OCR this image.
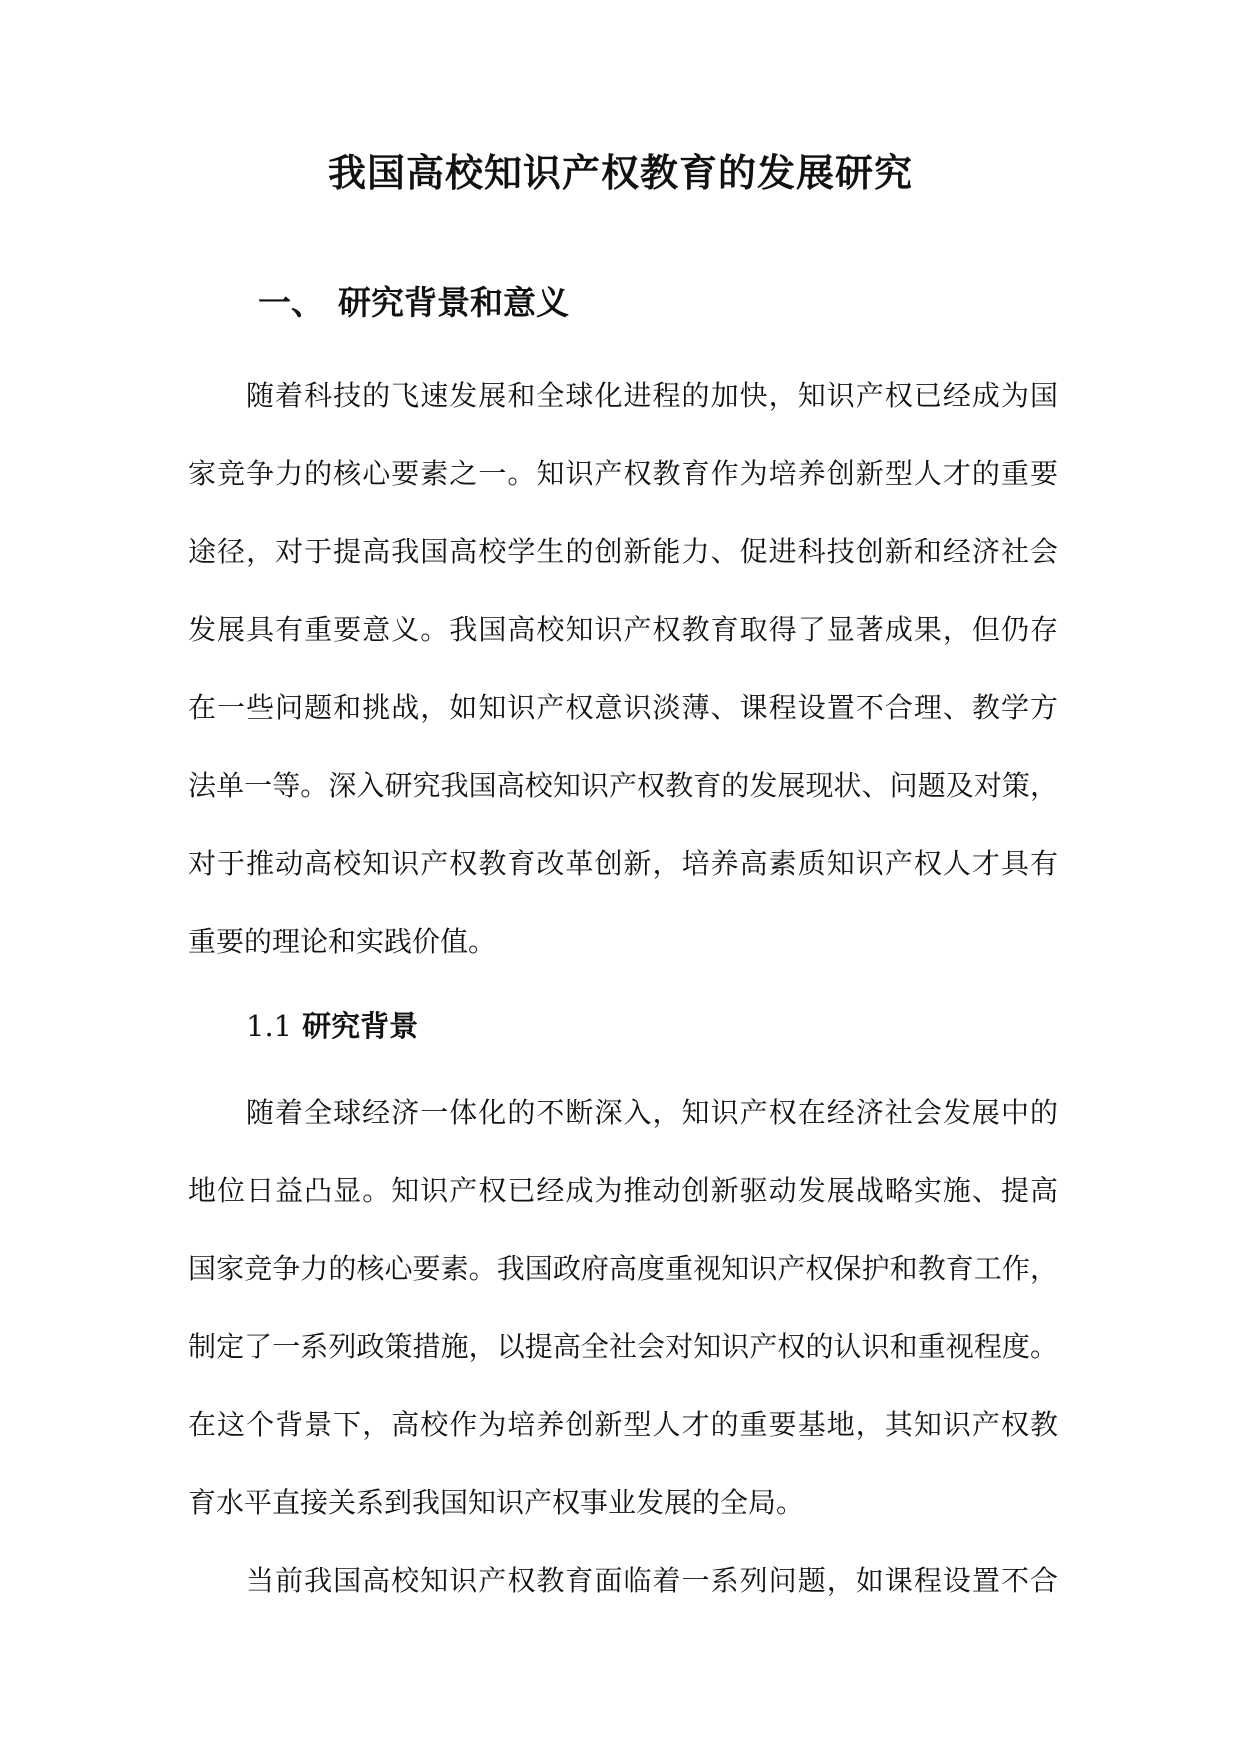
我国高校知识产权教育的发展研究
一、 研究背景和意义
随着科技的飞速发展和全球化进程的加快，知识产权已经成为国
家竞争力的核心要素之一。知识产权教育作为培养创新型人才的重要
途径，对于提高我国高校学生的创新能力、促进科技创新和经济社会
发展具有重要意义。我国高校知识产权教育取得了显著成果，但仍存
在一些问题和挑战，如知识产权意识淡薄、课程设置不合理、教学方
法单一等。深入研究我国高校知识产权教育的发展现状、问题及对策，
对于推动高校知识产权教育改革创新，培养高素质知识产权人才具有
重要的理论和实践价值。
1.1 研究背景
随着全球经济一体化的不断深入，知识产权在经济社会发展中的
地位日益凸显。知识产权已经成为推动创新驱动发展战略实施、提高
国家竞争力的核心要素。我国政府高度重视知识产权保护和教育工作，
制定了一系列政策措施，以提高全社会对知识产权的认识和重视程度。
在这个背景下，高校作为培养创新型人才的重要基地，其知识产权教
育水平直接关系到我国知识产权事业发展的全局。
当前我国高校知识产权教育面临着一系列问题，如课程设置不合
